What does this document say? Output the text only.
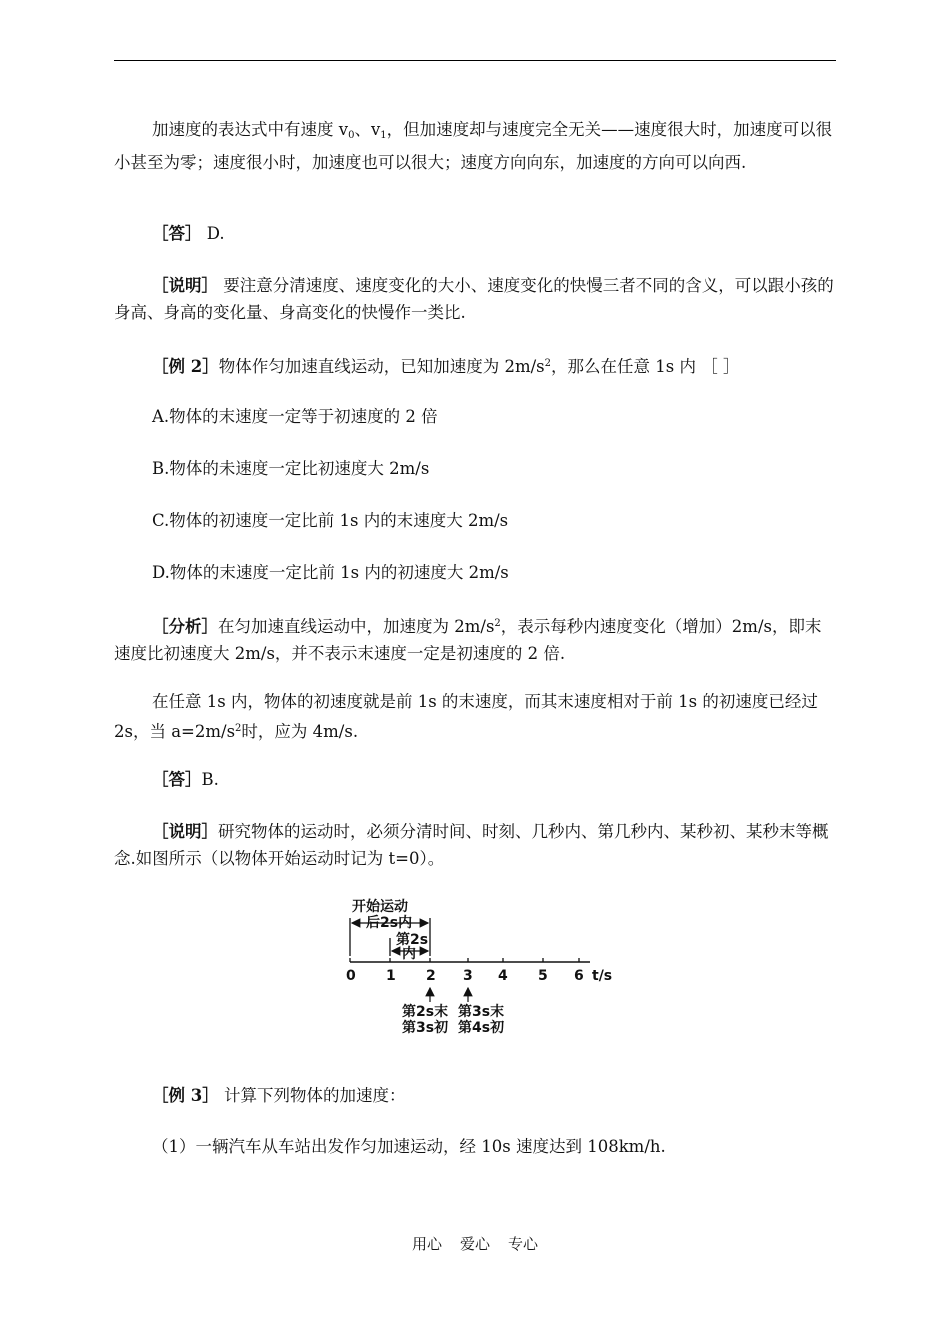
加速度的表达式中有速度 $v_0$、$v_1$，但加速度却与速度完全无关——速度很大时，加速度可以很小甚至为零；速度很小时，加速度也可以很大；速度方向向东，加速度的方向可以向西.

［答］ D.

［说明］ 要注意分清速度、速度变化的大小、速度变化的快慢三者不同的含义，可以跟小孩的身高、身高的变化量、身高变化的快慢作一类比.

［例 2］物体作匀加速直线运动，已知加速度为 $2m/s^2$，那么在任意 1s 内 ［ ］

A.物体的末速度一定等于初速度的 2 倍

B.物体的未速度一定比初速度大 2m/s

C.物体的初速度一定比前 1s 内的末速度大 2m/s

D.物体的末速度一定比前 1s 内的初速度大 2m/s

［分析］在匀加速直线运动中，加速度为 $2m/s^2$，表示每秒内速度变化（增加）2m/s，即末速度比初速度大 2m/s，并不表示末速度一定是初速度的 2 倍.

在任意 1s 内，物体的初速度就是前 1s 的末速度，而其末速度相对于前 1s 的初速度已经过 2s，当 $a=2m/s^2$时，应为 4m/s.

［答］B.

［说明］研究物体的运动时，必须分清时间、时刻、几秒内、第几秒内、某秒初、某秒末等概念.如图所示（以物体开始运动时记为 t=0）。

开始运动
后2s内
第2s
内
0 1 2 3 4 5 6 t/s
第2s末
第3s初
第3s末
第4s初

［例 3］ 计算下列物体的加速度：

（1）一辆汽车从车站出发作匀加速运动，经 10s 速度达到 108km/h.

用心 爱心 专心
